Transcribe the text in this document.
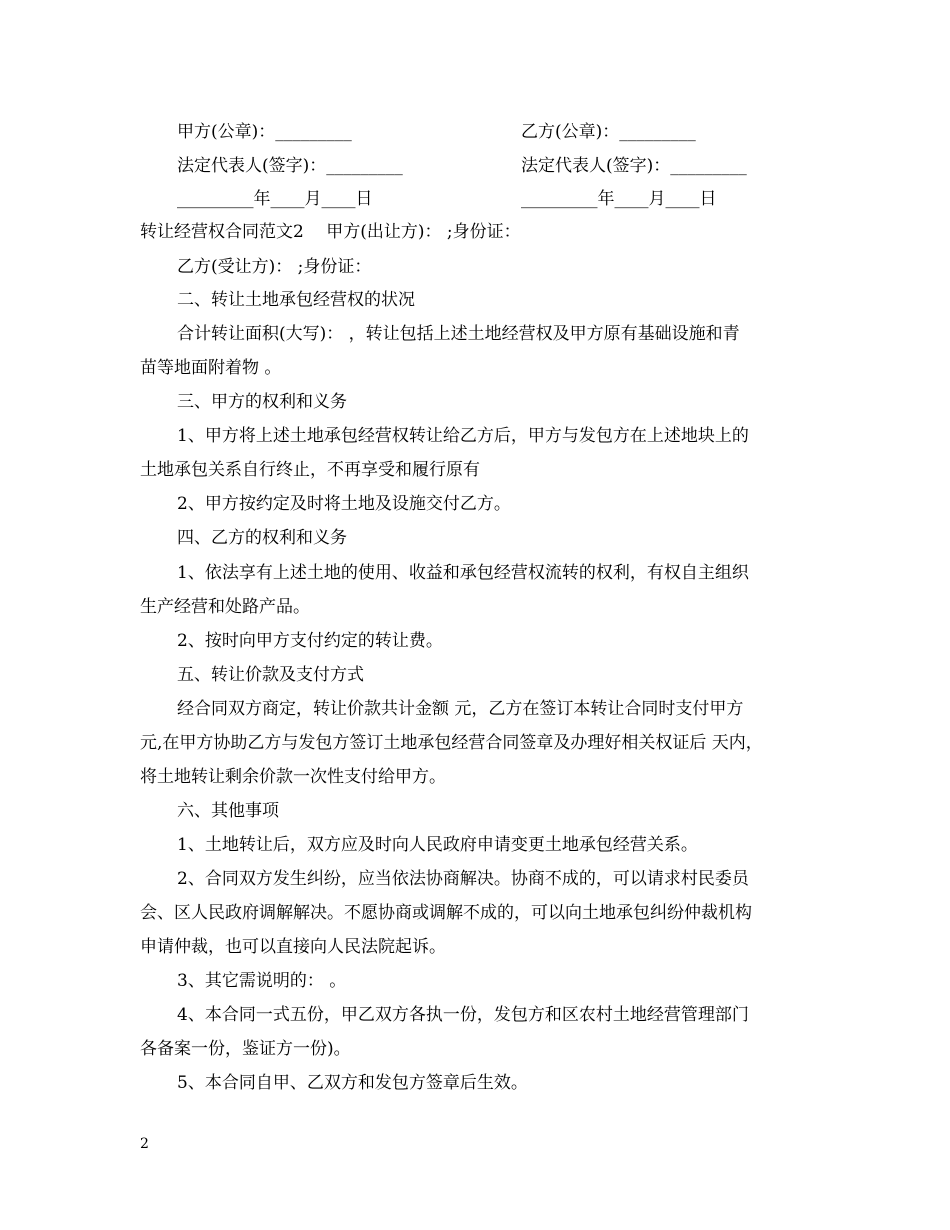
甲方(公章)：_________	乙方(公章)：_________
法定代表人(签字)：_________	法定代表人(签字)：_________
_________年____月____日	_________年____月____日
转让经营权合同范文2　 甲方(出让方)： ;身份证：
乙方(受让方)： ;身份证：
二、转让土地承包经营权的状况
合计转让面积(大写)： ，转让包括上述土地经营权及甲方原有基础设施和青
苗等地面附着物 。
三、甲方的权利和义务
1、甲方将上述土地承包经营权转让给乙方后，甲方与发包方在上述地块上的
土地承包关系自行终止，不再享受和履行原有
2、甲方按约定及时将土地及设施交付乙方。
四、乙方的权利和义务
1、依法享有上述土地的使用、收益和承包经营权流转的权利，有权自主组织
生产经营和处路产品。
2、按时向甲方支付约定的转让费。
五、转让价款及支付方式
经合同双方商定，转让价款共计金额 元，乙方在签订本转让合同时支付甲方
元,在甲方协助乙方与发包方签订土地承包经营合同签章及办理好相关权证后 天内，
将土地转让剩余价款一次性支付给甲方。
六、其他事项
1、土地转让后，双方应及时向人民政府申请变更土地承包经营关系。
2、合同双方发生纠纷，应当依法协商解决。协商不成的，可以请求村民委员
会、区人民政府调解解决。不愿协商或调解不成的，可以向土地承包纠纷仲裁机构
申请仲裁，也可以直接向人民法院起诉。
3、其它需说明的： 。
4、本合同一式五份，甲乙双方各执一份，发包方和区农村土地经营管理部门
各备案一份，鉴证方一份)。
5、本合同自甲、乙双方和发包方签章后生效。
2
